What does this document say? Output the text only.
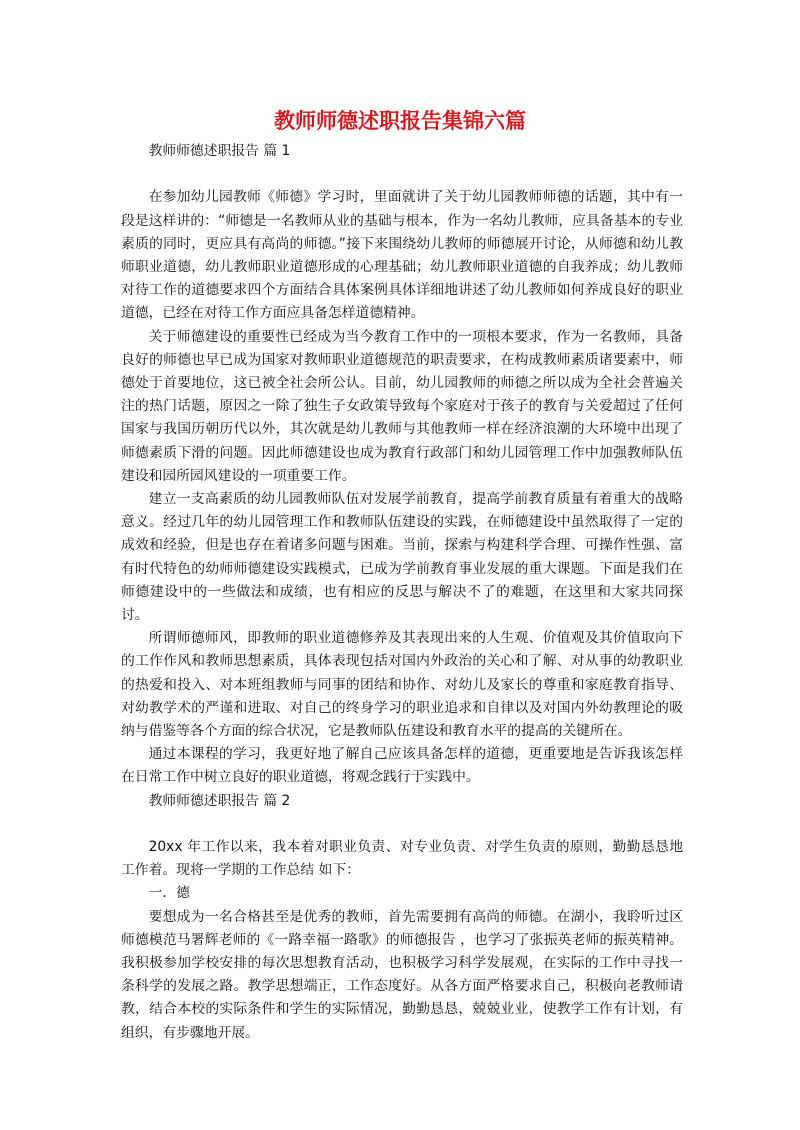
教师师德述职报告集锦六篇

教师师德述职报告 篇 1

在参加幼儿园教师《师德》学习时，里面就讲了关于幼儿园教师师德的话题，其中有一段是这样讲的：“师德是一名教师从业的基础与根本，作为一名幼儿教师，应具备基本的专业素质的同时，更应具有高尚的师德。”接下来围绕幼儿教师的师德展开讨论，从师德和幼儿教师职业道德，幼儿教师职业道德形成的心理基础；幼儿教师职业道德的自我养成；幼儿教师对待工作的道德要求四个方面结合具体案例具体详细地讲述了幼儿教师如何养成良好的职业道德，已经在对待工作方面应具备怎样道德精神。

关于师德建设的重要性已经成为当今教育工作中的一项根本要求，作为一名教师，具备良好的师德也早已成为国家对教师职业道德规范的职责要求，在构成教师素质诸要素中，师德处于首要地位，这已被全社会所公认。目前，幼儿园教师的师德之所以成为全社会普遍关注的热门话题，原因之一除了独生子女政策导致每个家庭对于孩子的教育与关爱超过了任何国家与我国历朝历代以外，其次就是幼儿教师与其他教师一样在经济浪潮的大环境中出现了师德素质下滑的问题。因此师德建设也成为教育行政部门和幼儿园管理工作中加强教师队伍建设和园所园风建设的一项重要工作。

建立一支高素质的幼儿园教师队伍对发展学前教育，提高学前教育质量有着重大的战略意义。经过几年的幼儿园管理工作和教师队伍建设的实践，在师德建设中虽然取得了一定的成效和经验，但是也存在着诸多问题与困难。当前，探索与构建科学合理、可操作性强、富有时代特色的幼师师德建设实践模式，已成为学前教育事业发展的重大课题。下面是我们在师德建设中的一些做法和成绩，也有相应的反思与解决不了的难题，在这里和大家共同探讨。

所谓师德师风，即教师的职业道德修养及其表现出来的人生观、价值观及其价值取向下的工作作风和教师思想素质，具体表现包括对国内外政治的关心和了解、对从事的幼教职业的热爱和投入、对本班组教师与同事的团结和协作、对幼儿及家长的尊重和家庭教育指导、对幼教学术的严谨和进取、对自己的终身学习的职业追求和自律以及对国内外幼教理论的吸纳与借鉴等各个方面的综合状况，它是教师队伍建设和教育水平的提高的关键所在。

通过本课程的学习，我更好地了解自己应该具备怎样的道德，更重要地是告诉我该怎样在日常工作中树立良好的职业道德，将观念践行于实践中。

教师师德述职报告 篇 2

20xx 年工作以来，我本着对职业负责、对专业负责、对学生负责的原则，勤勤恳恳地工作着。现将一学期的工作总结 如下：

一．德

要想成为一名合格甚至是优秀的教师，首先需要拥有高尚的师德。在湖小，我聆听过区师德模范马署辉老师的《一路幸福一路歌》的师德报告 ，也学习了张振英老师的振英精神。我积极参加学校安排的每次思想教育活动，也积极学习科学发展观，在实际的工作中寻找一条科学的发展之路。教学思想端正，工作态度好。从各方面严格要求自己，积极向老教师请教，结合本校的实际条件和学生的实际情况，勤勤恳恳，兢兢业业，使教学工作有计划，有组织，有步骤地开展。
